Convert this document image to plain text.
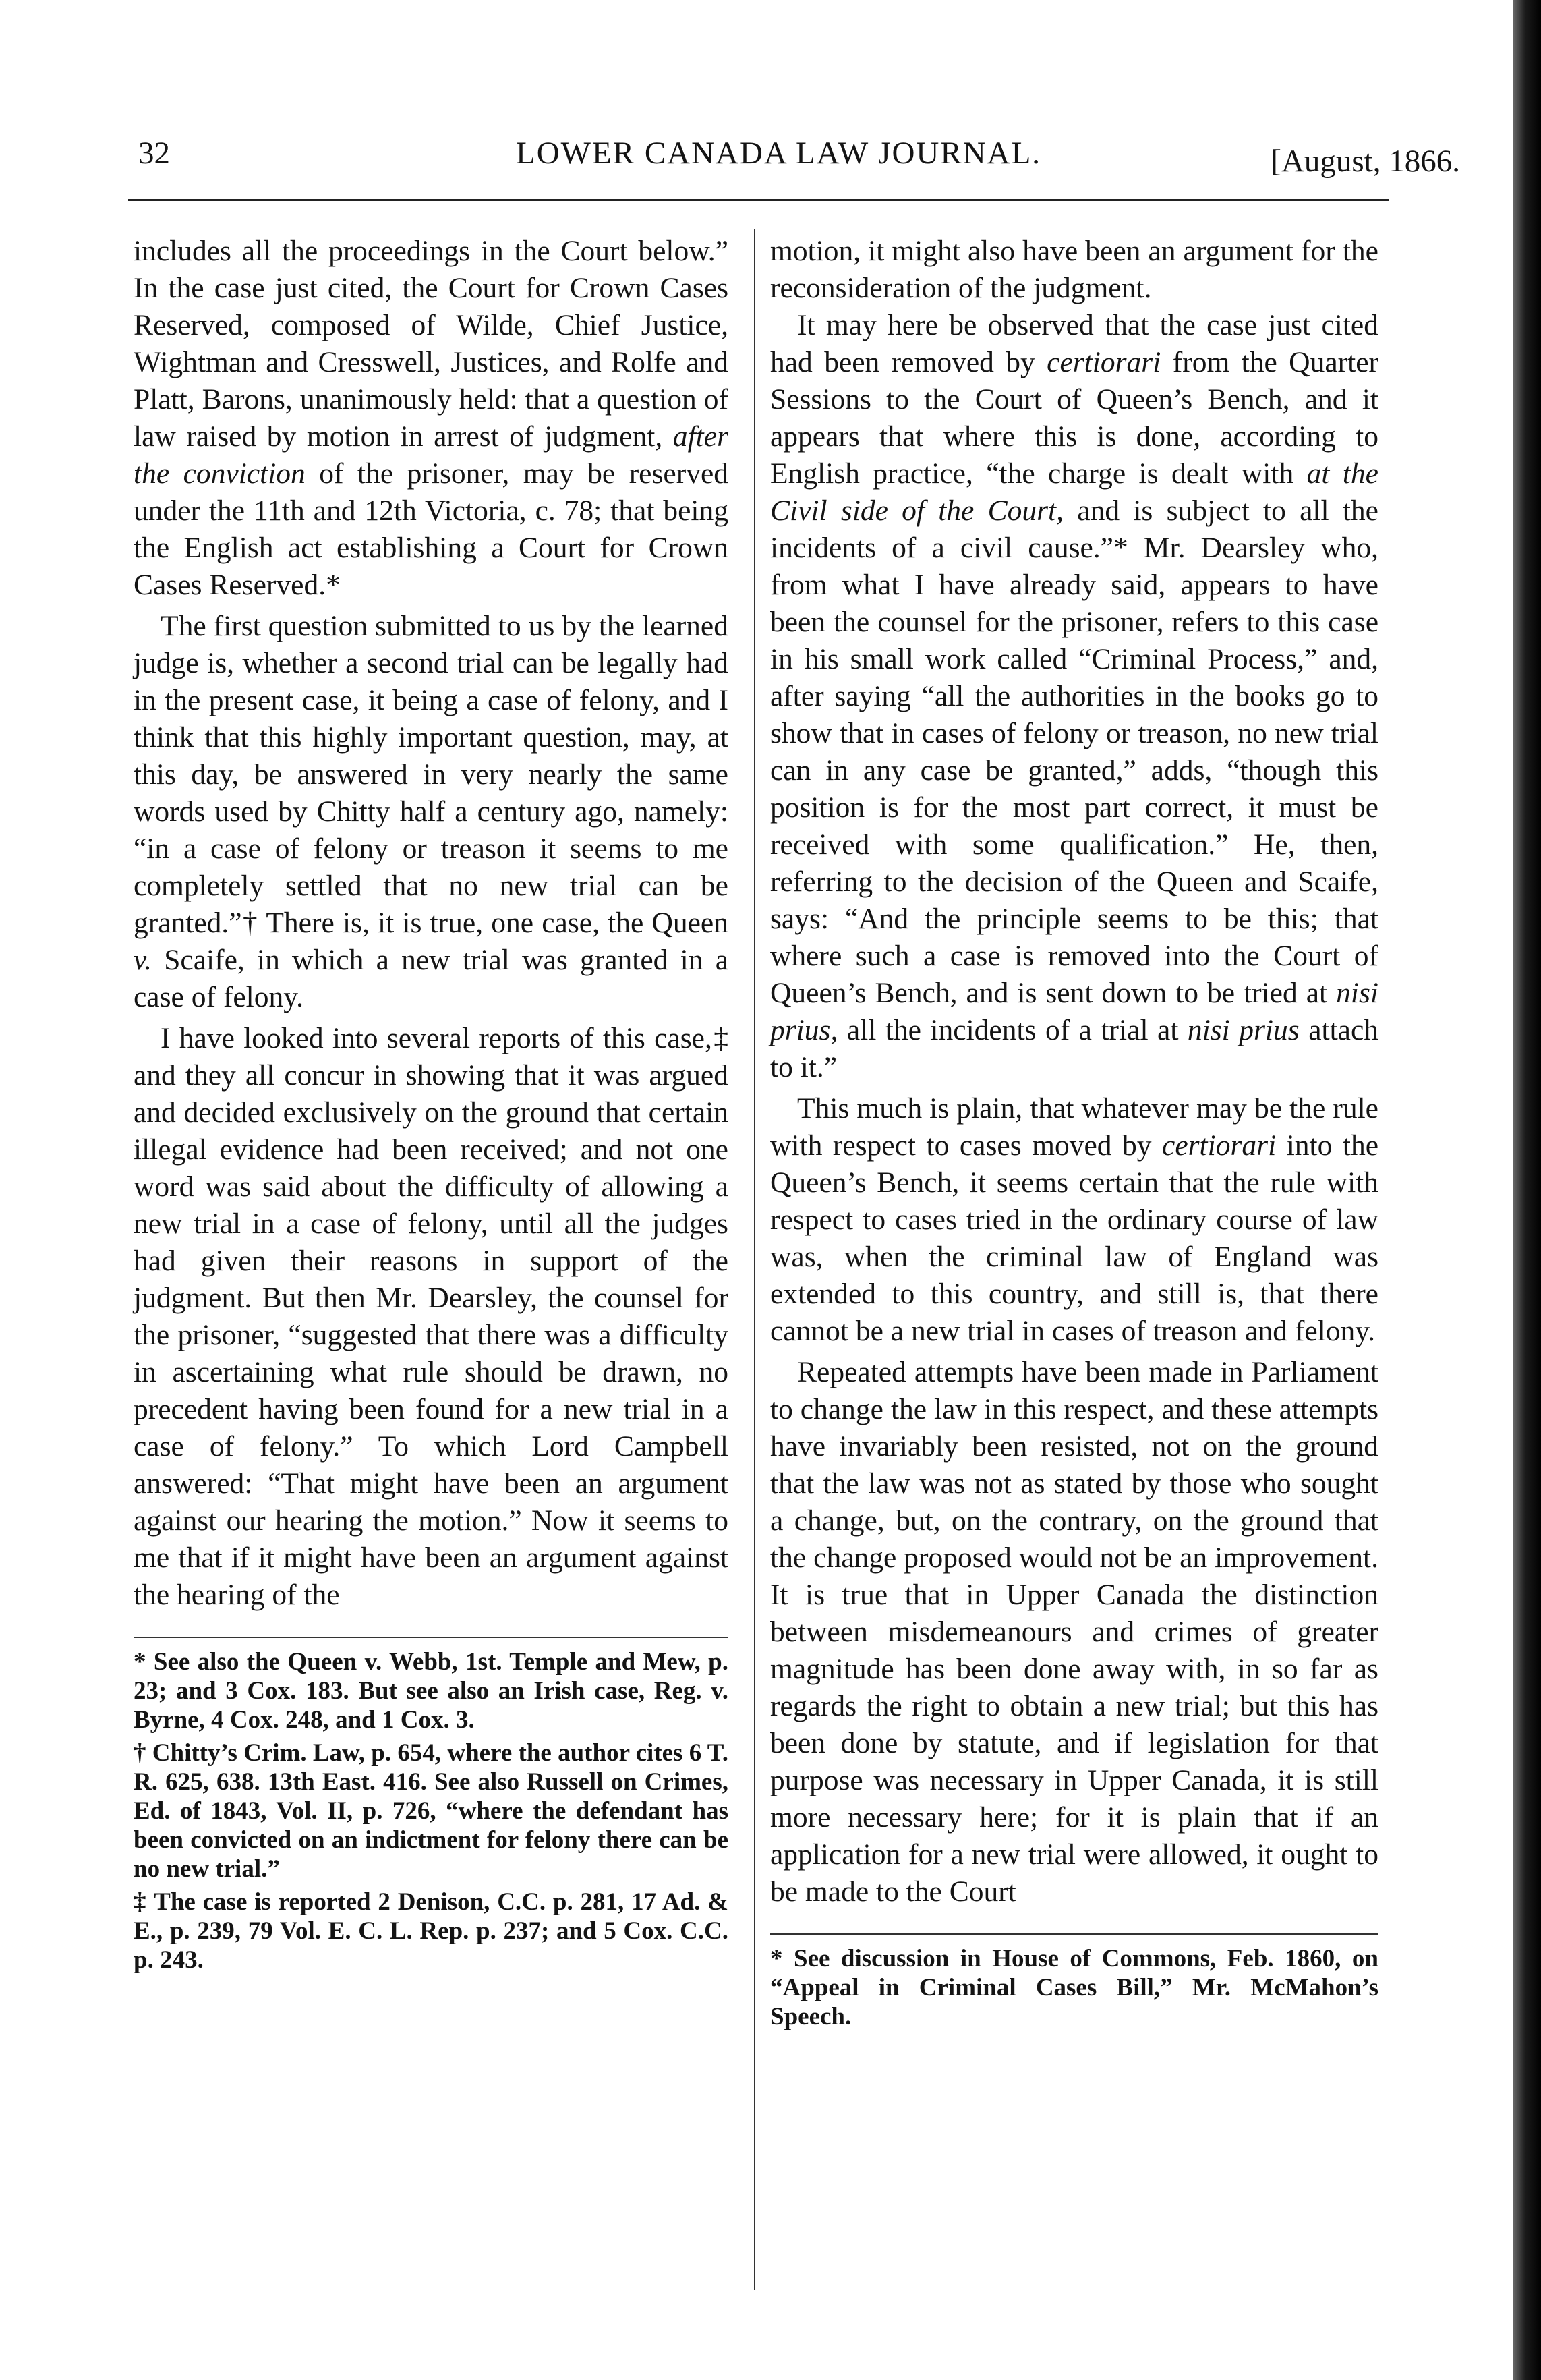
32	LOWER CANADA LAW JOURNAL.	[August, 1866.

includes all the proceedings in the Court below.” In the case just cited, the Court for Crown Cases Reserved, composed of Wilde, Chief Justice, Wightman and Cresswell, Justices, and Rolfe and Platt, Barons, unanimously held: that a question of law raised by motion in arrest of judgment, after the conviction of the prisoner, may be reserved under the 11th and 12th Victoria, c. 78; that being the English act establishing a Court for Crown Cases Reserved.*

The first question submitted to us by the learned judge is, whether a second trial can be legally had in the present case, it being a case of felony, and I think that this highly important question, may, at this day, be answered in very nearly the same words used by Chitty half a century ago, namely: “in a case of felony or treason it seems to me completely settled that no new trial can be granted.”† There is, it is true, one case, the Queen v. Scaife, in which a new trial was granted in a case of felony.

I have looked into several reports of this case,‡ and they all concur in showing that it was argued and decided exclusively on the ground that certain illegal evidence had been received; and not one word was said about the difficulty of allowing a new trial in a case of felony, until all the judges had given their reasons in support of the judgment. But then Mr. Dearsley, the counsel for the prisoner, “suggested that there was a difficulty in ascertaining what rule should be drawn, no precedent having been found for a new trial in a case of felony.” To which Lord Campbell answered: “That might have been an argument against our hearing the motion.” Now it seems to me that if it might have been an argument against the hearing of the

* See also the Queen v. Webb, 1st. Temple and Mew, p. 23; and 3 Cox. 183. But see also an Irish case, Reg. v. Byrne, 4 Cox. 248, and 1 Cox. 3.

† Chitty’s Crim. Law, p. 654, where the author cites 6 T. R. 625, 638. 13th East. 416. See also Russell on Crimes, Ed. of 1843, Vol. II, p. 726, “where the defendant has been convicted on an indictment for felony there can be no new trial.”

‡ The case is reported 2 Denison, C.C. p. 281, 17 Ad. & E., p. 239, 79 Vol. E. C. L. Rep. p. 237; and 5 Cox. C.C. p. 243.

motion, it might also have been an argument for the reconsideration of the judgment.

It may here be observed that the case just cited had been removed by certiorari from the Quarter Sessions to the Court of Queen’s Bench, and it appears that where this is done, according to English practice, “the charge is dealt with at the Civil side of the Court, and is subject to all the incidents of a civil cause.”* Mr. Dearsley who, from what I have already said, appears to have been the counsel for the prisoner, refers to this case in his small work called “Criminal Process,” and, after saying “all the authorities in the books go to show that in cases of felony or treason, no new trial can in any case be granted,” adds, “though this position is for the most part correct, it must be received with some qualification.” He, then, referring to the decision of the Queen and Scaife, says: “And the principle seems to be this; that where such a case is removed into the Court of Queen’s Bench, and is sent down to be tried at nisi prius, all the incidents of a trial at nisi prius attach to it.”

This much is plain, that whatever may be the rule with respect to cases moved by certiorari into the Queen’s Bench, it seems certain that the rule with respect to cases tried in the ordinary course of law was, when the criminal law of England was extended to this country, and still is, that there cannot be a new trial in cases of treason and felony.

Repeated attempts have been made in Parliament to change the law in this respect, and these attempts have invariably been resisted, not on the ground that the law was not as stated by those who sought a change, but, on the contrary, on the ground that the change proposed would not be an improvement. It is true that in Upper Canada the distinction between misdemeanours and crimes of greater magnitude has been done away with, in so far as regards the right to obtain a new trial; but this has been done by statute, and if legislation for that purpose was necessary in Upper Canada, it is still more necessary here; for it is plain that if an application for a new trial were allowed, it ought to be made to the Court

* See discussion in House of Commons, Feb. 1860, on “Appeal in Criminal Cases Bill,” Mr. McMahon’s Speech.
